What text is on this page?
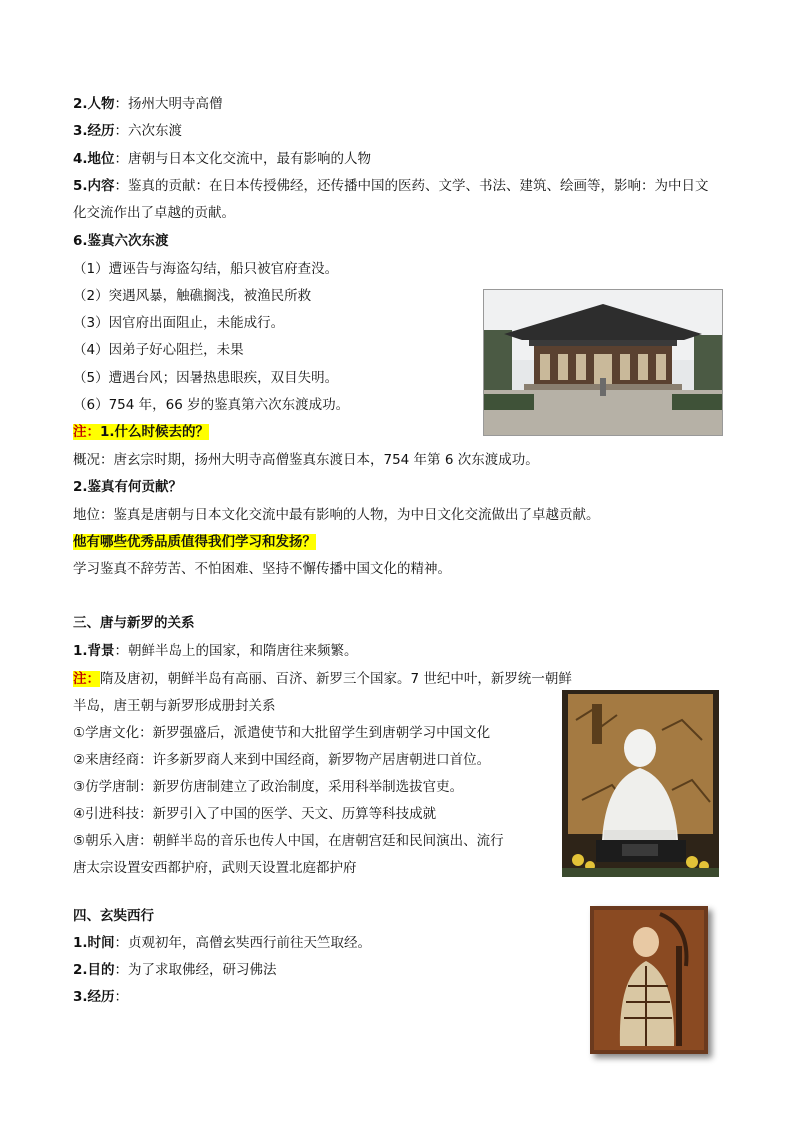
2.人物：扬州大明寺高僧
3.经历：六次东渡
4.地位：唐朝与日本文化交流中，最有影响的人物
5.内容：鉴真的贡献：在日本传授佛经，还传播中国的医药、文学、书法、建筑、绘画等，影响：为中日文
化交流作出了卓越的贡献。
6.鉴真六次东渡
（1）遭诬告与海盗勾结，船只被官府查没。
（2）突遇风暴，触礁搁浅，被渔民所救
（3）因官府出面阻止，未能成行。
（4）因弟子好心阻拦，未果
（5）遭遇台风；因暑热患眼疾，双目失明。
（6）754 年，66 岁的鉴真第六次东渡成功。
注：1.什么时候去的？
概况：唐玄宗时期，扬州大明寺高僧鉴真东渡日本，754 年第 6 次东渡成功。
2.鉴真有何贡献？
地位：鉴真是唐朝与日本文化交流中最有影响的人物，为中日文化交流做出了卓越贡献。
他有哪些优秀品质值得我们学习和发扬？
学习鉴真不辞劳苦、不怕困难、坚持不懈传播中国文化的精神。
三、唐与新罗的关系
1.背景：朝鲜半岛上的国家，和隋唐往来频繁。
注：隋及唐初，朝鲜半岛有高丽、百济、新罗三个国家。7 世纪中叶，新罗统一朝鲜
半岛，唐王朝与新罗形成册封关系
①学唐文化：新罗强盛后，派遣使节和大批留学生到唐朝学习中国文化
②来唐经商：许多新罗商人来到中国经商，新罗物产居唐朝进口首位。
③仿学唐制：新罗仿唐制建立了政治制度，采用科举制选拔官吏。
④引进科技：新罗引入了中国的医学、天文、历算等科技成就
⑤朝乐入唐：朝鲜半岛的音乐也传人中国，在唐朝宫廷和民间演出、流行
唐太宗设置安西都护府，武则天设置北庭都护府
四、玄奘西行
1.时间：贞观初年，高僧玄奘西行前往天竺取经。
2.目的：为了求取佛经，研习佛法
3.经历：
